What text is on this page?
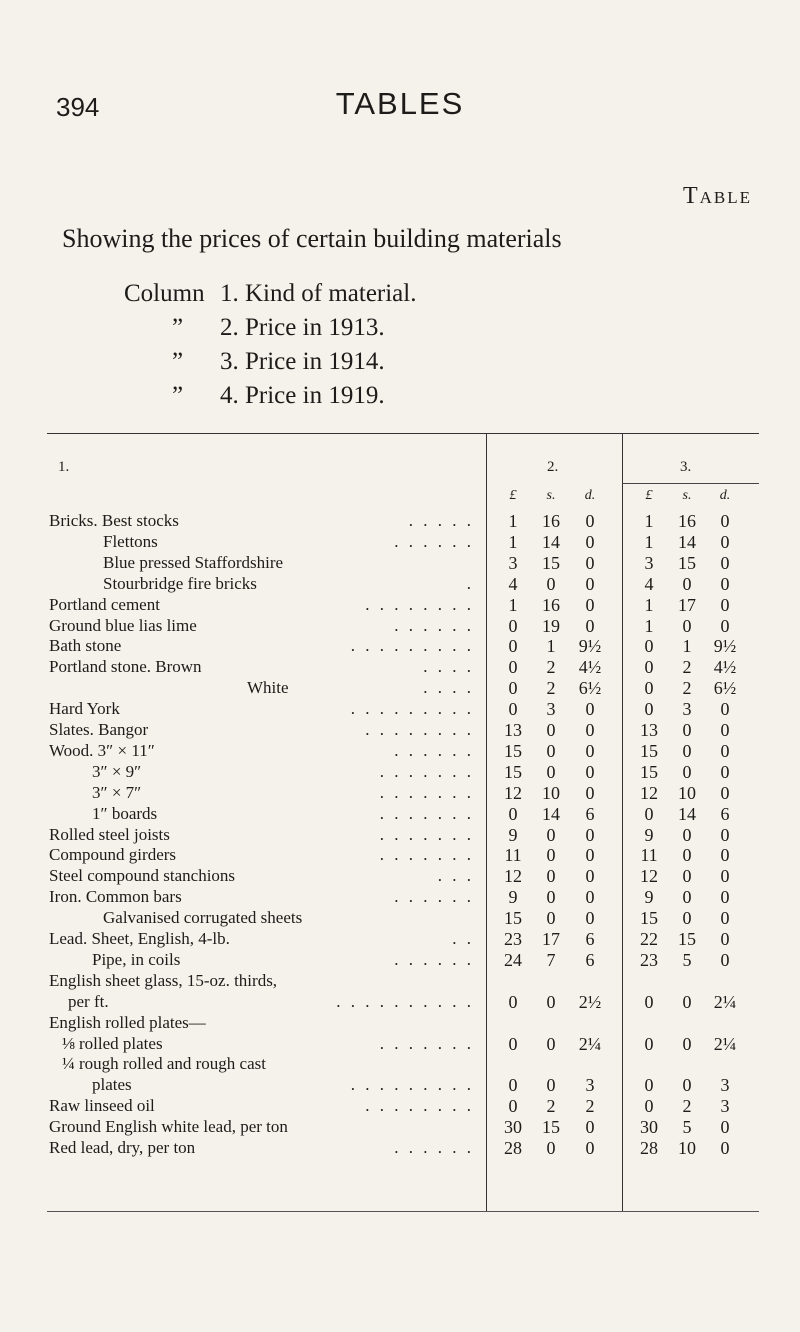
394	TABLES
Table
Showing the prices of certain building materials
Column 1. Kind of material.
”	2. Price in 1913.
”	3. Price in 1914.
”	4. Price in 1919.
1.	2.	3.
£	s.	d.	£	s.	d.
Bricks. Best stocks	. . . . .	1	16	0	1	16	0
Flettons	. . . . . .	1	14	0	1	14	0
Blue pressed Staffordshire	3	15	0	3	15	0
Stourbridge fire bricks	.	4	0	0	4	0	0
Portland cement	. . . . . . . .	1	16	0	1	17	0
Ground blue lias lime	. . . . . .	0	19	0	1	0	0
Bath stone	. . . . . . . . .	0	1	9½	0	1	9½
Portland stone. Brown	. . . .	0	2	4½	0	2	4½
White	. . . .	0	2	6½	0	2	6½
Hard York	. . . . . . . . .	0	3	0	0	3	0
Slates. Bangor	. . . . . . . .	13	0	0	13	0	0
Wood. 3″ × 11″	. . . . . .	15	0	0	15	0	0
3″ × 9″	. . . . . . .	15	0	0	15	0	0
3″ × 7″	. . . . . . .	12	10	0	12	10	0
1″ boards	. . . . . . .	0	14	6	0	14	6
Rolled steel joists	. . . . . . .	9	0	0	9	0	0
Compound girders	. . . . . . .	11	0	0	11	0	0
Steel compound stanchions	. . .	12	0	0	12	0	0
Iron. Common bars	. . . . . .	9	0	0	9	0	0
Galvanised corrugated sheets	15	0	0	15	0	0
Lead. Sheet, English, 4-lb.	. .	23	17	6	22	15	0
Pipe, in coils	. . . . . .	24	7	6	23	5	0
English sheet glass, 15-oz. thirds,
per ft.	. . . . . . . . . .	0	0	2½	0	0	2¼
English rolled plates—
⅛ rolled plates	. . . . . . .	0	0	2¼	0	0	2¼
¼ rough rolled and rough cast
plates	. . . . . . . . .	0	0	3	0	0	3
Raw linseed oil	. . . . . . . .	0	2	2	0	2	3
Ground English white lead, per ton	30	15	0	30	5	0
Red lead, dry, per ton	. . . . . .	28	0	0	28	10	0
